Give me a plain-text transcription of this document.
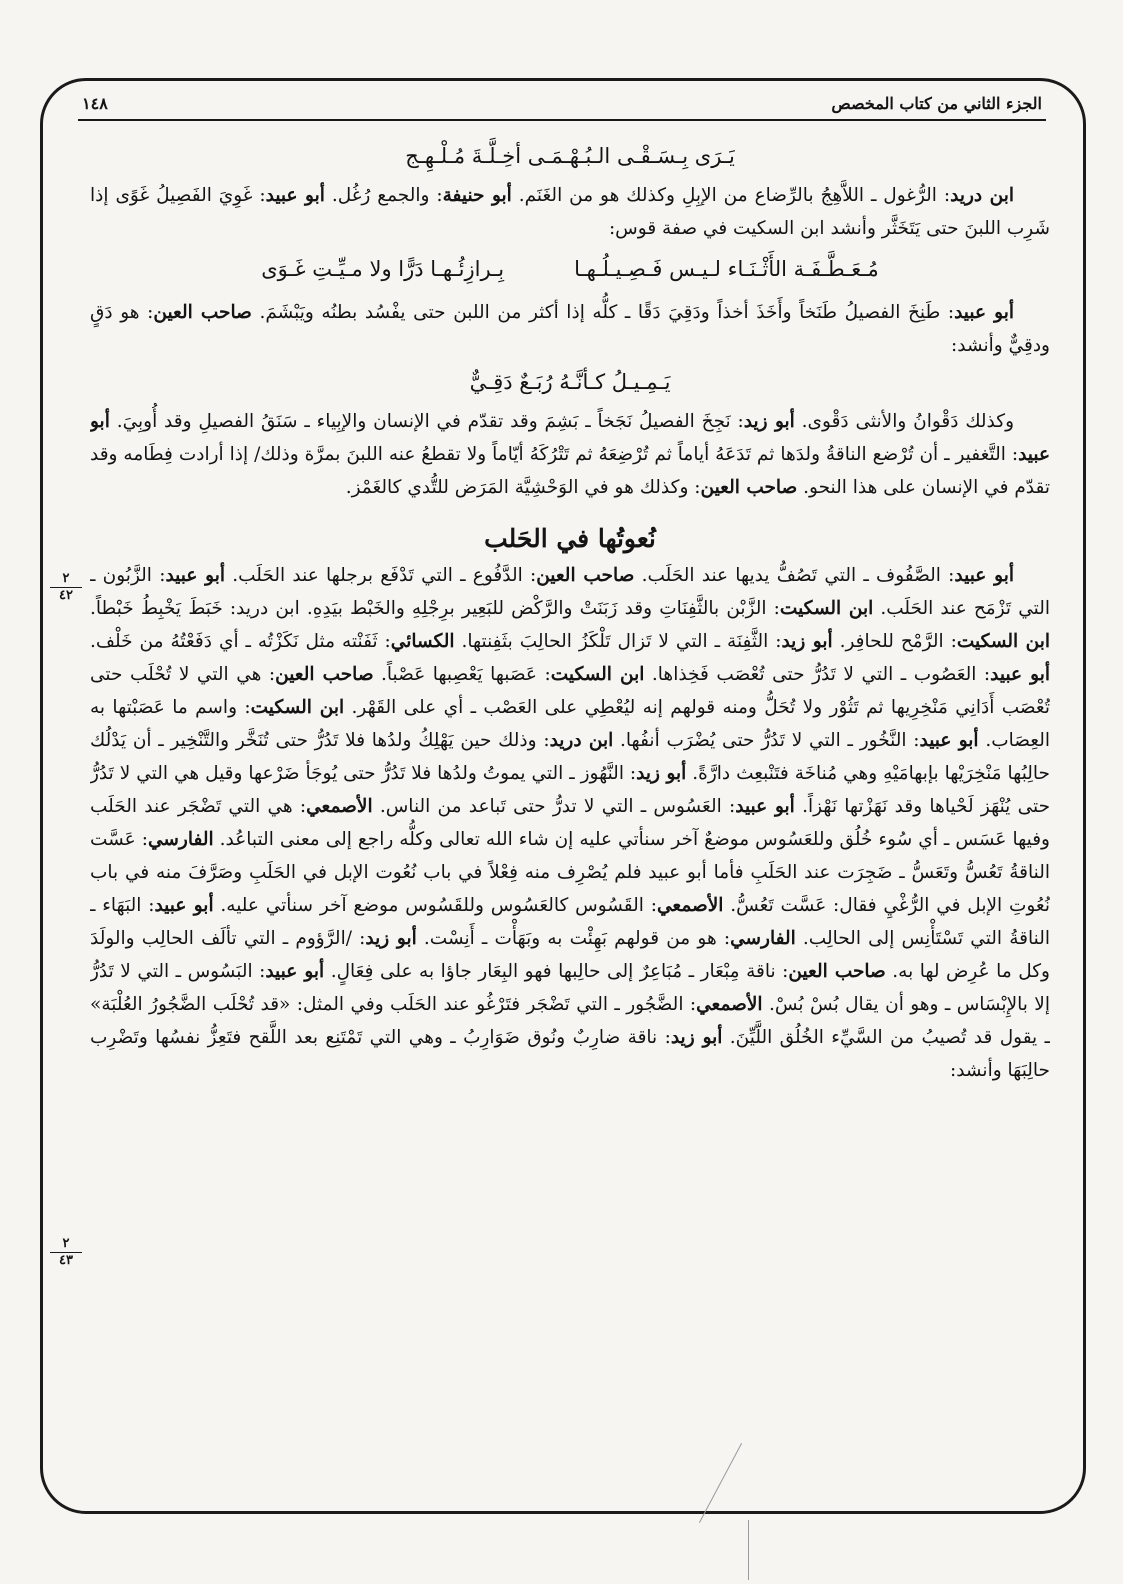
١٤٨	الجزء الثاني من كتاب المخصص
يَـرَى بِـسَـقْـى الـبُـهْـمَـى أخِـلَّـةَ مُـلْـهِـج

ابن دريد: الرُّغول ـ اللاَّهِجُ بالرِّضاع من الإبِلِ وكذلك هو من الغَنَم. أبو حنيفة: والجمع رُغُل. أبو عبيد: غَوِيَ الفَصِيلُ غَوًى إذا شَرِب اللبنَ حتى يَتَخَثَّر وأنشد ابن السكيت في صفة قوس:

مُـعَـطَّـفَـة الأَثْـنَـاء لـيـس فَـصِـيـلُـهـا
بِـرازِئُـهـا دَرًّا ولا مـيِّـتِ غَـوَى

أبو عبيد: طَنِخَ الفصيلُ طَنَخاً وأَخَذَ أخذاً ودَقِيَ دَقًا ـ كلُّه إذا أكثر من اللبن حتى يفْسُد بطنُه ويَبْشَمَ. صاحب العين: هو دَقٍ ودقِيٌّ وأنشد:

يَـمِـيـلُ كـأنَّـهُ رُبَـعٌ دَقِـيٌّ

وكذلك دَقْوانُ والأنثى دَقْوى. أبو زيد: نَجِخَ الفصيلُ نَجَخاً ـ بَشِمَ وقد تقدّم في الإنسان والإبِياء ـ سَنَقُ الفصيلِ وقد أُوبِيَ. أبو عبيد: التَّغفير ـ أن تُرْضع الناقةُ ولدَها ثم تَدَعَهُ أياماً ثم تُرْضِعَهُ ثم تَتْرُكَهُ أيّاماً ولا تقطعُ عنه اللبنَ بمرَّة وذلك/ إذا أرادت فِطَامه وقد تقدّم في الإنسان على هذا النحو. صاحب العين: وكذلك هو في الوَحْشِيَّة المَرَض للتُّدي كالغَمْز.

نُعوتُها في الحَلب

أبو عبيد: الصَّفُوف ـ التي تَصُفُّ يديها عند الحَلَب. صاحب العين: الدَّفُوع ـ التي تَدْفَع برجلها عند الحَلَب. أبو عبيد: الزَّبُون ـ التي تَزْمَح عند الحَلَب. ابن السكيت: الزَّبْن بالثَّفِنَاتِ وقد زَبَنَتْ والرَّكْض للبَعِير برِجْلِهِ والخَبْط بيَدِهِ. ابن دريد: خَبَطَ يَخْبِطُ خَبْطاً. ابن السكيت: الرَّمْح للحافِر. أبو زيد: الثَّفِنَة ـ التي لا تَزال تَلْكَزُ الحالِبَ بثَفِنتها. الكسائي: ثَفَنْته مثل نَكَزْتُه ـ أي دَفَعْتُهُ من خَلْف. أبو عبيد: العَصُوب ـ التي لا تَدُرُّ حتى تُعْصَب فَخِذاها. ابن السكيت: عَصَبها يَعْصِبها عَصْباً. صاحب العين: هي التي لا تُحْلَب حتى تُعْصَب أَدَانِي مَنْخِرِيها ثم تَثُوْر ولا تُحَلُّ ومنه قولهم إنه ليُعْطِي على العَصْب ـ أي على القَهْر. ابن السكيت: واسم ما عَصَبْتها به العِصَاب. أبو عبيد: النَّخُور ـ التي لا تَدُرُّ حتى يُضْرَب أنفُها. ابن دريد: وذلك حين يَهْلِكُ ولدُها فلا تَدُرُّ حتى تُنَخَّر والتَّنْخِير ـ أن يَدْلُك حالِبُها مَنْخِرَيْها بإبهامَيْهِ وهي مُناخَة فتَنْبعِث دارَّةً. أبو زيد: النَّهُوز ـ التي يموتُ ولدُها فلا تَدُرُّ حتى يُوجَأ ضَرْعها وقيل هي التي لا تَدُرُّ حتى يُنْهَز لَحْياها وقد نَهَزْتها نَهْزاً. أبو عبيد: العَسُوس ـ التي لا تدرُّ حتى تَباعد من الناس. الأصمعي: هي التي تَضْجَر عند الحَلَب وفيها عَسَس ـ أي سُوء خُلُق وللعَسُوس موضعٌ آخر سنأتي عليه إن شاء الله تعالى وكلُّه راجع إلى معنى التباعُد. الفارسي: عَسَّت الناقةُ تَعُسُّ وتَعَسُّ ـ ضَجِرَت عند الحَلَبِ فأما أبو عبيد فلم يُصْرِف منه فِعْلاً في باب نُعُوت الإبل في الحَلَبِ وصَرَّفَ منه في باب نُعُوتِ الإبل في الرُّغْيِ فقال: عَسَّت تَعُسُّ. الأصمعي: القَسُوس كالعَسُوس وللقَسُوس موضع آخر سنأتي عليه. أبو عبيد: البَهَاء ـ الناقةُ التي تَسْتَأْنِس إلى الحالِب. الفارسي: هو من قولهم بَهِئْت به وبَهَأْت ـ أَنِسْت. أبو زيد: /الرَّؤوم ـ التي تألَف الحالِب والولَدَ وكل ما عُرِض لها به. صاحب العين: ناقة مِبْعَار ـ مُبَاعِرٌ إلى حالِبها فهو البِعَار جاؤا به على فِعَالٍ. أبو عبيد: البَسُوس ـ التي لا تَدُرُّ إلا بالإِبْسَاس ـ وهو أن يقال بُسْ بُسْ. الأصمعي: الضَّجُور ـ التي تَضْجَر فتَرْغُو عند الحَلَب وفي المثل: «قد تُحْلَب الضَّجُورُ العُلْبَة» ـ يقول قد تُصيبُ من السَّيِّء الخُلُق اللَّيِّنَ. أبو زيد: ناقة ضارِبٌ ونُوق ضَوَارِبُ ـ وهي التي تَمْتَنِع بعد اللَّقح فتَعِزُّ نفسُها وتَضْرِب حالِبَهَا وأنشد:

٢
٤٢
٢
٤٣
